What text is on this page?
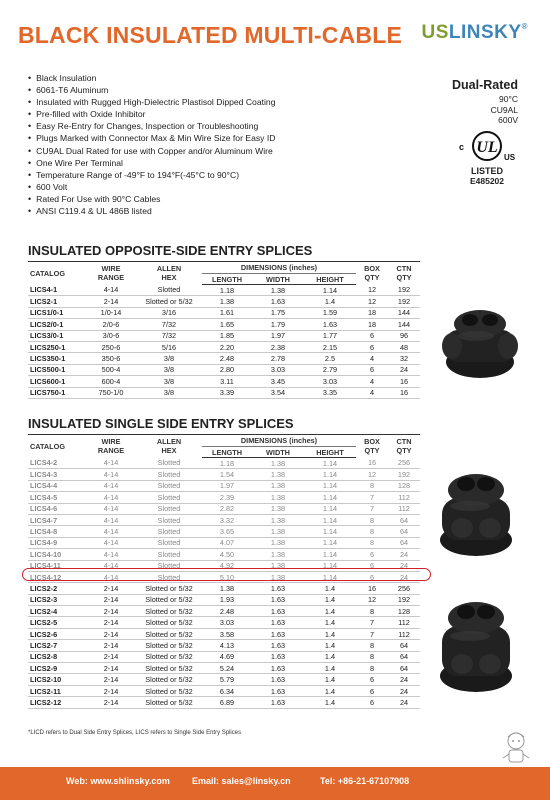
BLACK INSULATED MULTI-CABLE USLINSKY®
• Black Insulation
• 6061-T6 Aluminum
• Insulated with Rugged High-Dielectric Plastisol Dipped Coating
• Pre-filled with Oxide Inhibitor
• Easy Re-Entry for Changes, Inspection or Troubleshooting
• Plugs Marked with Connector Max & Min Wire Size for Easy ID
• CU9AL Dual Rated for use with Copper and/or Aluminum Wire
• One Wire Per Terminal
• Temperature Range of -49°F to 194°F(-45°C to 90°C)
• 600 Volt
• Rated For Use with 90°C Cables
• ANSI C119.4 & UL 486B listed
Dual-Rated
90°C
CU9AL
600V
c UL
US
LISTED
E485202
INSULATED OPPOSITE-SIDE ENTRY SPLICES
CATALOG	WIRE
RANGE	ALLEN
HEX	DIMENSIONS (inches)			BOX
QTY	CTN
QTY
			LENGTH	WIDTH	HEIGHT		
LICS4-1	4-14	Slotted	1.18	1.38	1.14	12	192
LICS2-1	2-14	Slotted or 5/32	1.38	1.63	1.4	12	192
LICS1/0-1	1/0-14	3/16	1.61	1.75	1.59	18	144
LICS2/0-1	2/0-6	7/32	1.65	1.79	1.63	18	144
LICS3/0-1	3/0-6	7/32	1.85	1.97	1.77	6	96
LICS250-1	250-6	5/16	2.20	2.38	2.15	6	48
LICS350-1	350-6	3/8	2.48	2.78	2.5	4	32
LICS500-1	500-4	3/8	2.80	3.03	2.79	6	24
LICS600-1	600-4	3/8	3.11	3.45	3.03	4	16
LICS750-1	750-1/0	3/8	3.39	3.54	3.35	4	16
INSULATED SINGLE SIDE ENTRY SPLICES
CATALOG	WIRE
RANGE	ALLEN
HEX	DIMENSIONS (inches)			BOX
QTY	CTN
QTY
			LENGTH	WIDTH	HEIGHT		
LICS4-2	4-14	Slotted	1.18	1.38	1.14	16	256
LICS4-3	4-14	Slotted	1.54	1.38	1.14	12	192
LICS4-4	4-14	Slotted	1.97	1.38	1.14	8	128
LICS4-5	4-14	Slotted	2.39	1.38	1.14	7	112
LICS4-6	4-14	Slotted	2.82	1.38	1.14	7	112
LICS4-7	4-14	Slotted	3.32	1.38	1.14	8	64
LICS4-8	4-14	Slotted	3.65	1.38	1.14	8	64
LICS4-9	4-14	Slotted	4.07	1.38	1.14	8	64
LICS4-10	4-14	Slotted	4.50	1.38	1.14	6	24
LICS4-11	4-14	Slotted	4.92	1.38	1.14	6	24
LICS4-12	4-14	Slotted	5.10	1.38	1.14	6	24
LICS2-2	2-14	Slotted or 5/32	1.38	1.63	1.4	16	256
LICS2-3	2-14	Slotted or 5/32	1.93	1.63	1.4	12	192
LICS2-4	2-14	Slotted or 5/32	2.48	1.63	1.4	8	128
LICS2-5	2-14	Slotted or 5/32	3.03	1.63	1.4	7	112
LICS2-6	2-14	Slotted or 5/32	3.58	1.63	1.4	7	112
LICS2-7	2-14	Slotted or 5/32	4.13	1.63	1.4	8	64
LICS2-8	2-14	Slotted or 5/32	4.69	1.63	1.4	8	64
LICS2-9	2-14	Slotted or 5/32	5.24	1.63	1.4	8	64
LICS2-10	2-14	Slotted or 5/32	5.79	1.63	1.4	6	24
LICS2-11	2-14	Slotted or 5/32	6.34	1.63	1.4	6	24
LICS2-12	2-14	Slotted or 5/32	6.89	1.63	1.4	6	24
*LICD refers to Dual Side Entry Splices, LICS refers to Single Side Entry Splices
Web: www.shlinsky.com Email: sales@linsky.cn	Tel: +86-21-67107908
